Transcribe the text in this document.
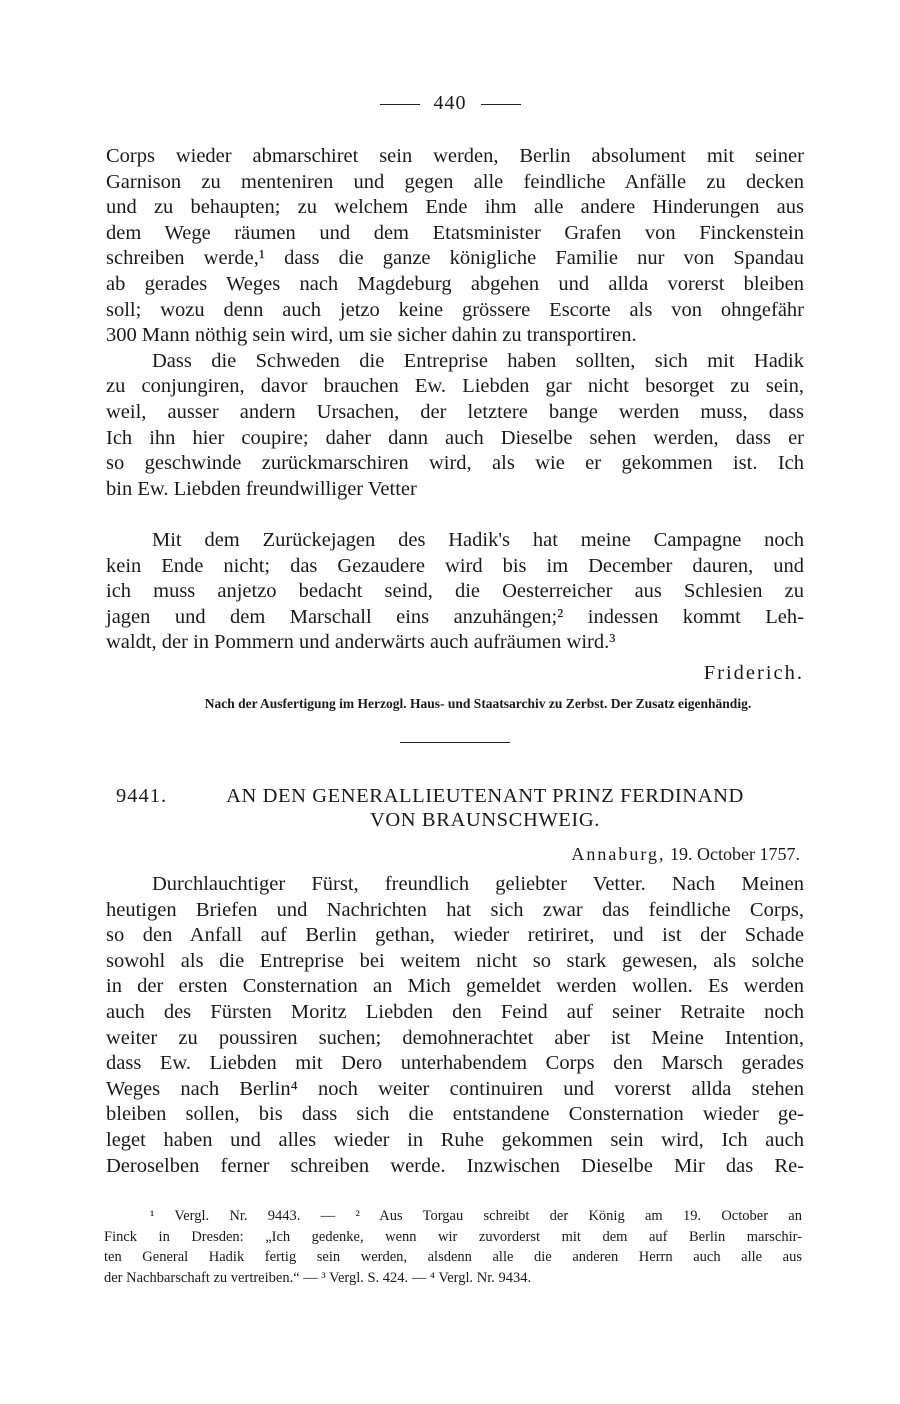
440
Corps wieder abmarschiret sein werden, Berlin absolument mit seiner
Garnison zu menteniren und gegen alle feindliche Anfälle zu decken
und zu behaupten; zu welchem Ende ihm alle andere Hinderungen aus
dem Wege räumen und dem Etatsminister Grafen von Finckenstein
schreiben werde,¹ dass die ganze königliche Familie nur von Spandau
ab gerades Weges nach Magdeburg abgehen und allda vorerst bleiben
soll; wozu denn auch jetzo keine grössere Escorte als von ohngefähr
300 Mann nöthig sein wird, um sie sicher dahin zu transportiren.
Dass die Schweden die Entreprise haben sollten, sich mit Hadik
zu conjungiren, davor brauchen Ew. Liebden gar nicht besorget zu sein,
weil, ausser andern Ursachen, der letztere bange werden muss, dass
Ich ihn hier coupire; daher dann auch Dieselbe sehen werden, dass er
so geschwinde zurückmarschiren wird, als wie er gekommen ist. Ich
bin Ew. Liebden freundwilliger Vetter
Mit dem Zurückejagen des Hadik's hat meine Campagne noch
kein Ende nicht; das Gezaudere wird bis im December dauren, und
ich muss anjetzo bedacht seind, die Oesterreicher aus Schlesien zu
jagen und dem Marschall eins anzuhängen;² indessen kommt Leh-
waldt, der in Pommern und anderwärts auch aufräumen wird.³
Friderich.
Nach der Ausfertigung im Herzogl. Haus- und Staatsarchiv zu Zerbst. Der Zusatz eigenhändig.
9441.	AN DEN GENERALLIEUTENANT PRINZ FERDINAND
VON BRAUNSCHWEIG.
Annaburg, 19. October 1757.
Durchlauchtiger Fürst, freundlich geliebter Vetter. Nach Meinen
heutigen Briefen und Nachrichten hat sich zwar das feindliche Corps,
so den Anfall auf Berlin gethan, wieder retiriret, und ist der Schade
sowohl als die Entreprise bei weitem nicht so stark gewesen, als solche
in der ersten Consternation an Mich gemeldet werden wollen. Es werden
auch des Fürsten Moritz Liebden den Feind auf seiner Retraite noch
weiter zu poussiren suchen; demohnerachtet aber ist Meine Intention,
dass Ew. Liebden mit Dero unterhabendem Corps den Marsch gerades
Weges nach Berlin⁴ noch weiter continuiren und vorerst allda stehen
bleiben sollen, bis dass sich die entstandene Consternation wieder ge-
leget haben und alles wieder in Ruhe gekommen sein wird, Ich auch
Deroselben ferner schreiben werde. Inzwischen Dieselbe Mir das Re-
¹ Vergl. Nr. 9443. — ² Aus Torgau schreibt der König am 19. October an
Finck in Dresden: „Ich gedenke, wenn wir zuvorderst mit dem auf Berlin marschir-
ten General Hadik fertig sein werden, alsdenn alle die anderen Herrn auch alle aus
der Nachbarschaft zu vertreiben.“ — ³ Vergl. S. 424. — ⁴ Vergl. Nr. 9434.
